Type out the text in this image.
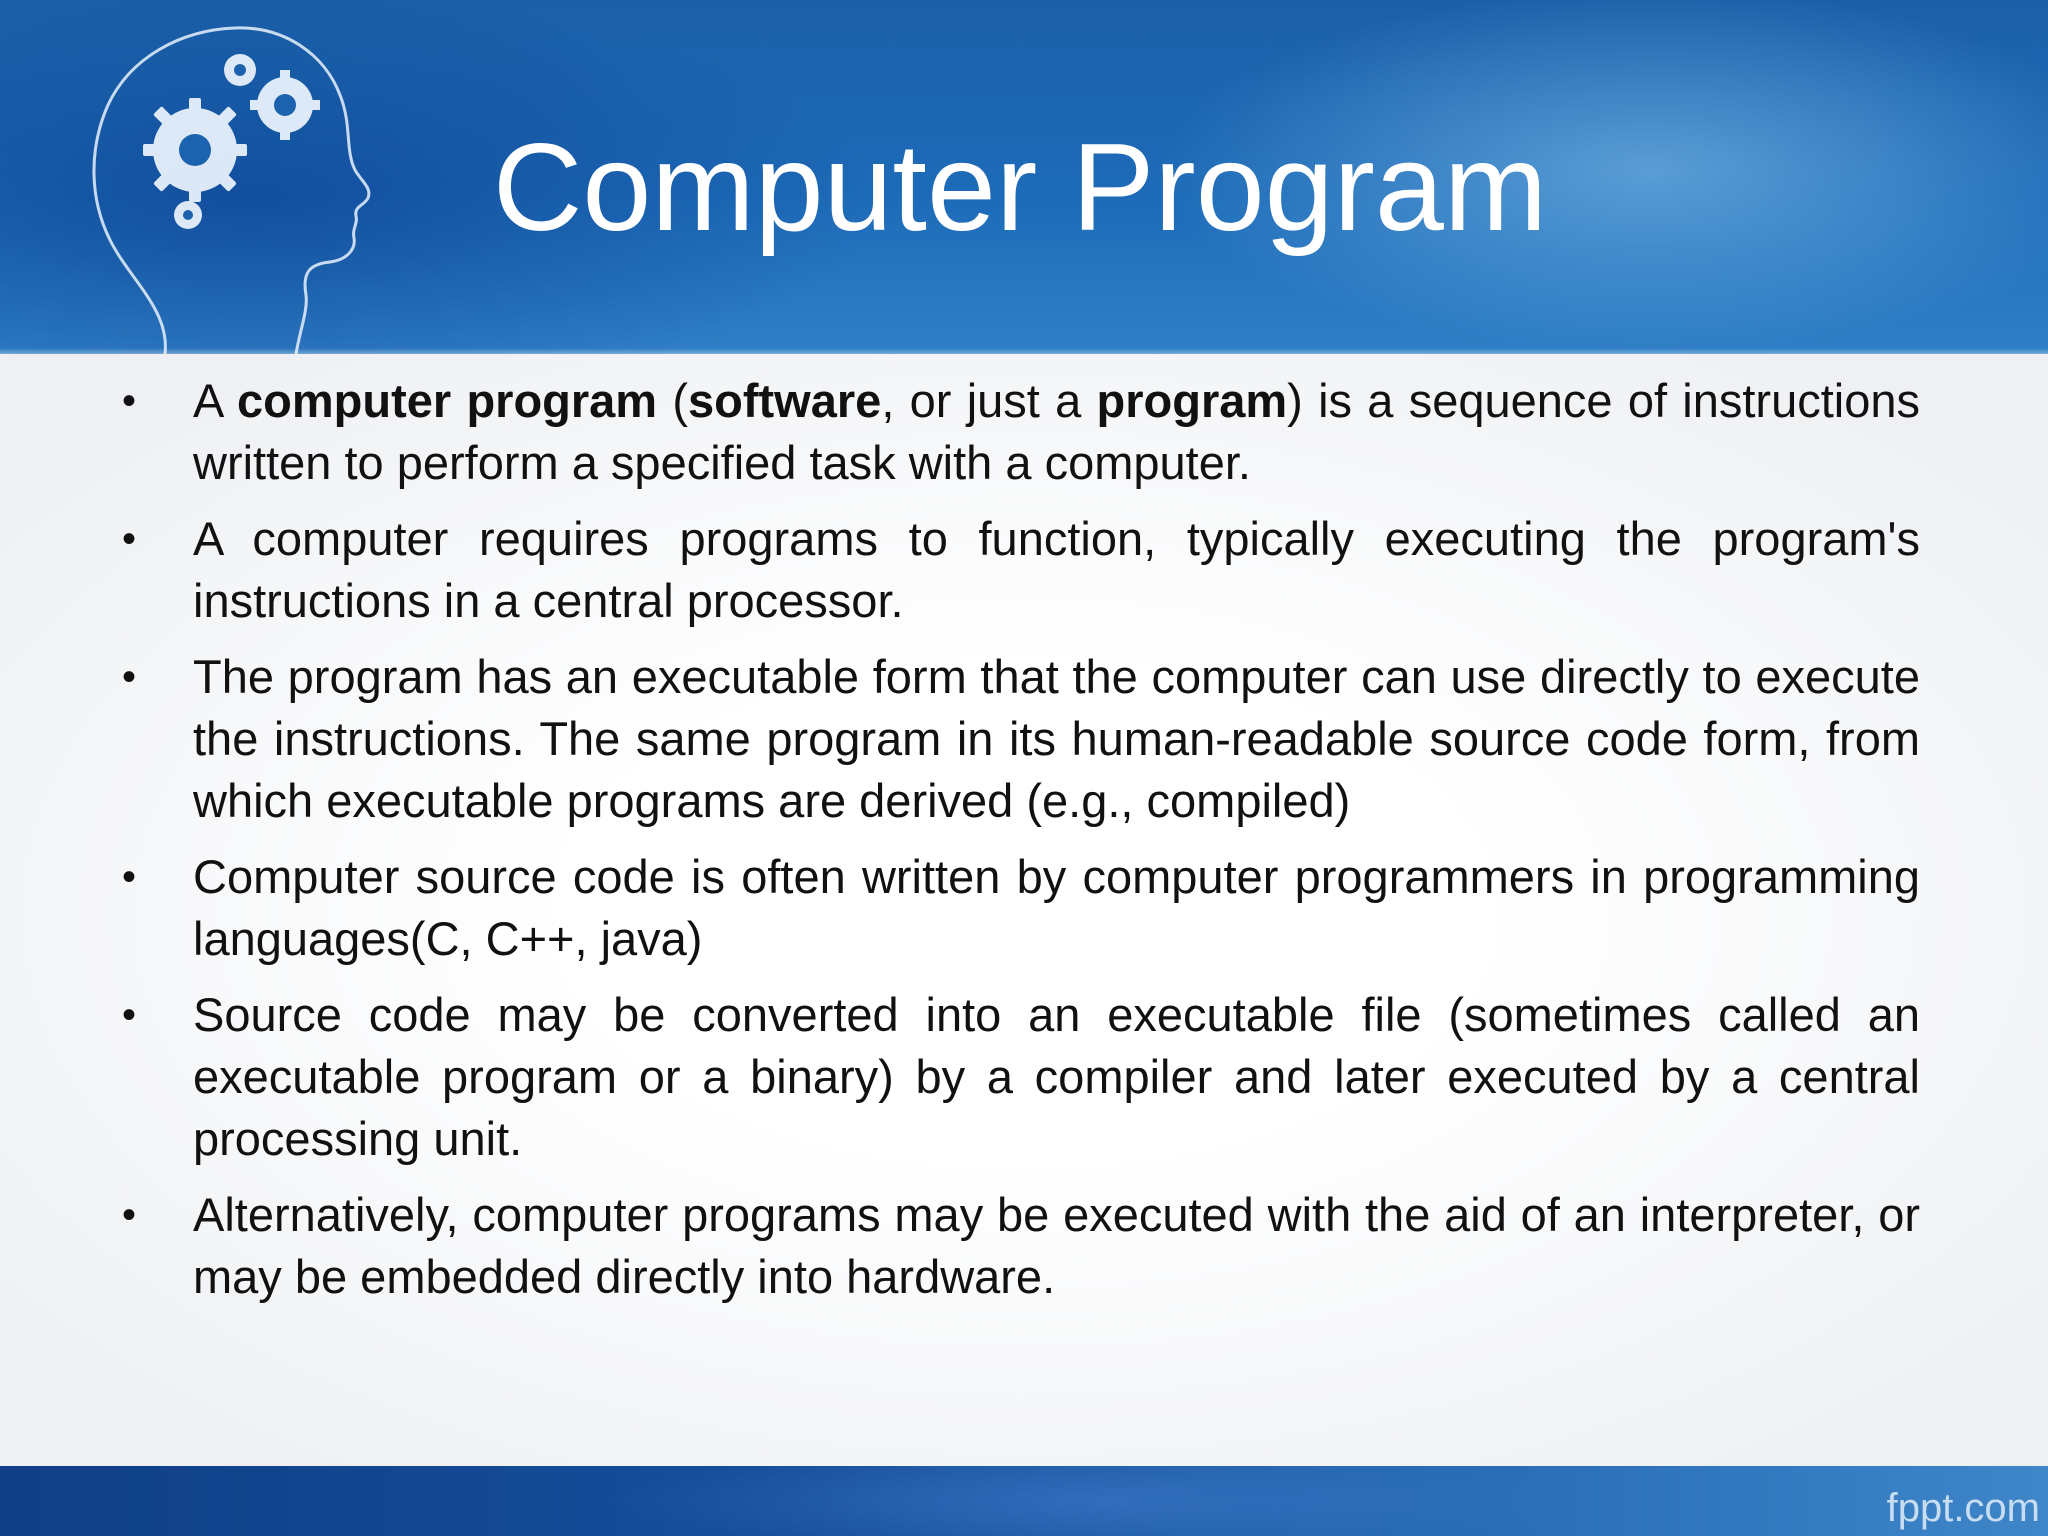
Computer Program
• A computer program (software, or just a program) is a sequence of instructions written to perform a specified task with a computer.
• A computer requires programs to function, typically executing the program's instructions in a central processor.
• The program has an executable form that the computer can use directly to execute the instructions. The same program in its human-readable source code form, from which executable programs are derived (e.g., compiled)
• Computer source code is often written by computer programmers in programming languages(C, C++, java)
• Source code may be converted into an executable file (sometimes called an executable program or a binary) by a compiler and later executed by a central processing unit.
• Alternatively, computer programs may be executed with the aid of an interpreter, or may be embedded directly into hardware.
fppt.com
